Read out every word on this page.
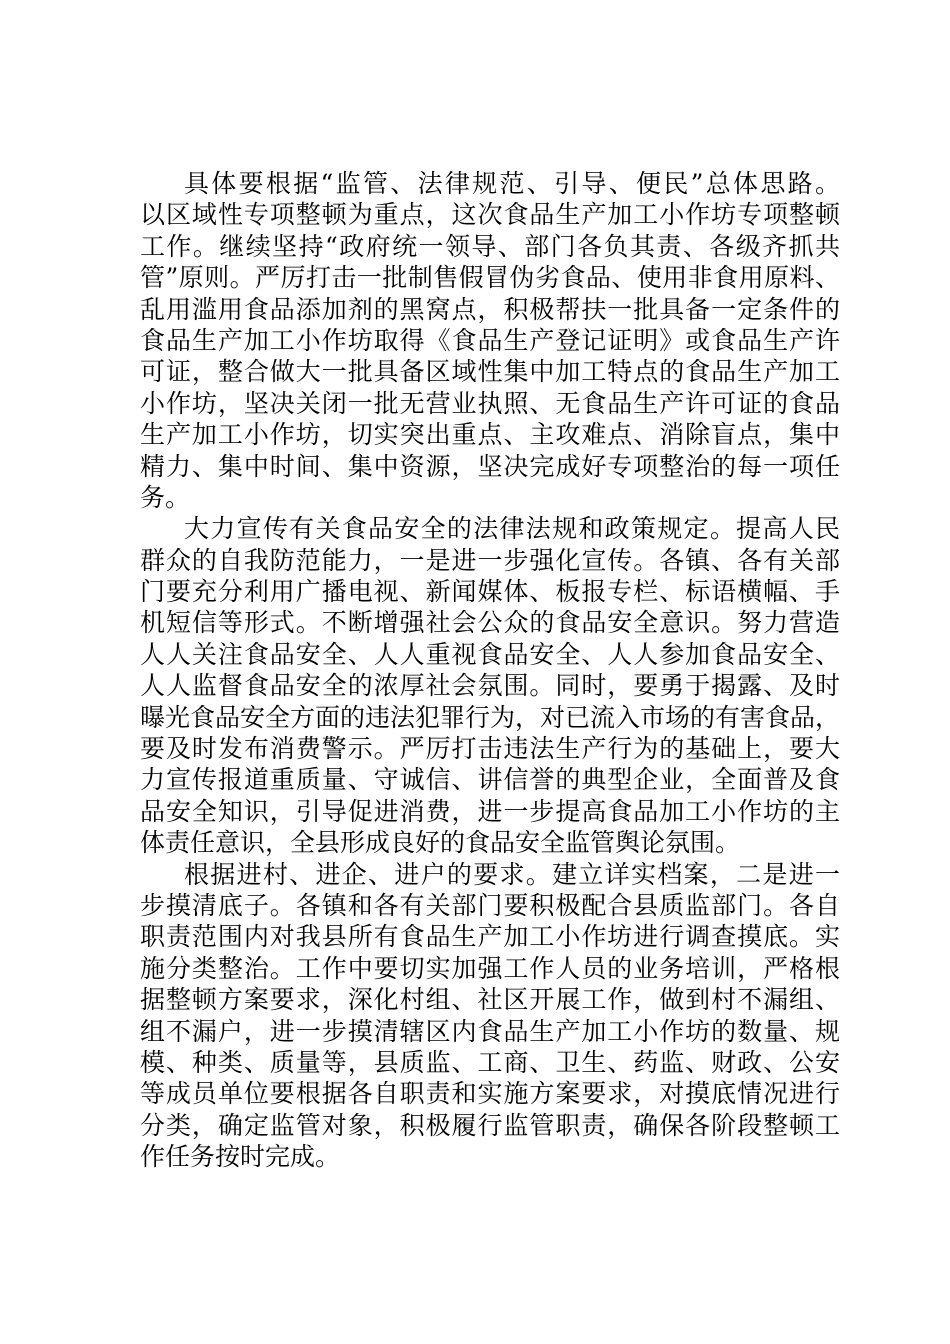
具体要根据“监管、法律规范、引导、便民”总体思路。
以区域性专项整顿为重点，这次食品生产加工小作坊专项整顿
工作。继续坚持“政府统一领导、部门各负其责、各级齐抓共
管”原则。严厉打击一批制售假冒伪劣食品、使用非食用原料、
乱用滥用食品添加剂的黑窝点，积极帮扶一批具备一定条件的
食品生产加工小作坊取得《食品生产登记证明》或食品生产许
可证，整合做大一批具备区域性集中加工特点的食品生产加工
小作坊，坚决关闭一批无营业执照、无食品生产许可证的食品
生产加工小作坊，切实突出重点、主攻难点、消除盲点，集中
精力、集中时间、集中资源，坚决完成好专项整治的每一项任
务。
大力宣传有关食品安全的法律法规和政策规定。提高人民
群众的自我防范能力，一是进一步强化宣传。各镇、各有关部
门要充分利用广播电视、新闻媒体、板报专栏、标语横幅、手
机短信等形式。不断增强社会公众的食品安全意识。努力营造
人人关注食品安全、人人重视食品安全、人人参加食品安全、
人人监督食品安全的浓厚社会氛围。同时，要勇于揭露、及时
曝光食品安全方面的违法犯罪行为，对已流入市场的有害食品，
要及时发布消费警示。严厉打击违法生产行为的基础上，要大
力宣传报道重质量、守诚信、讲信誉的典型企业，全面普及食
品安全知识，引导促进消费，进一步提高食品加工小作坊的主
体责任意识，全县形成良好的食品安全监管舆论氛围。
根据进村、进企、进户的要求。建立详实档案，二是进一
步摸清底子。各镇和各有关部门要积极配合县质监部门。各自
职责范围内对我县所有食品生产加工小作坊进行调查摸底。实
施分类整治。工作中要切实加强工作人员的业务培训，严格根
据整顿方案要求，深化村组、社区开展工作，做到村不漏组、
组不漏户，进一步摸清辖区内食品生产加工小作坊的数量、规
模、种类、质量等，县质监、工商、卫生、药监、财政、公安
等成员单位要根据各自职责和实施方案要求，对摸底情况进行
分类，确定监管对象，积极履行监管职责，确保各阶段整顿工
作任务按时完成。
